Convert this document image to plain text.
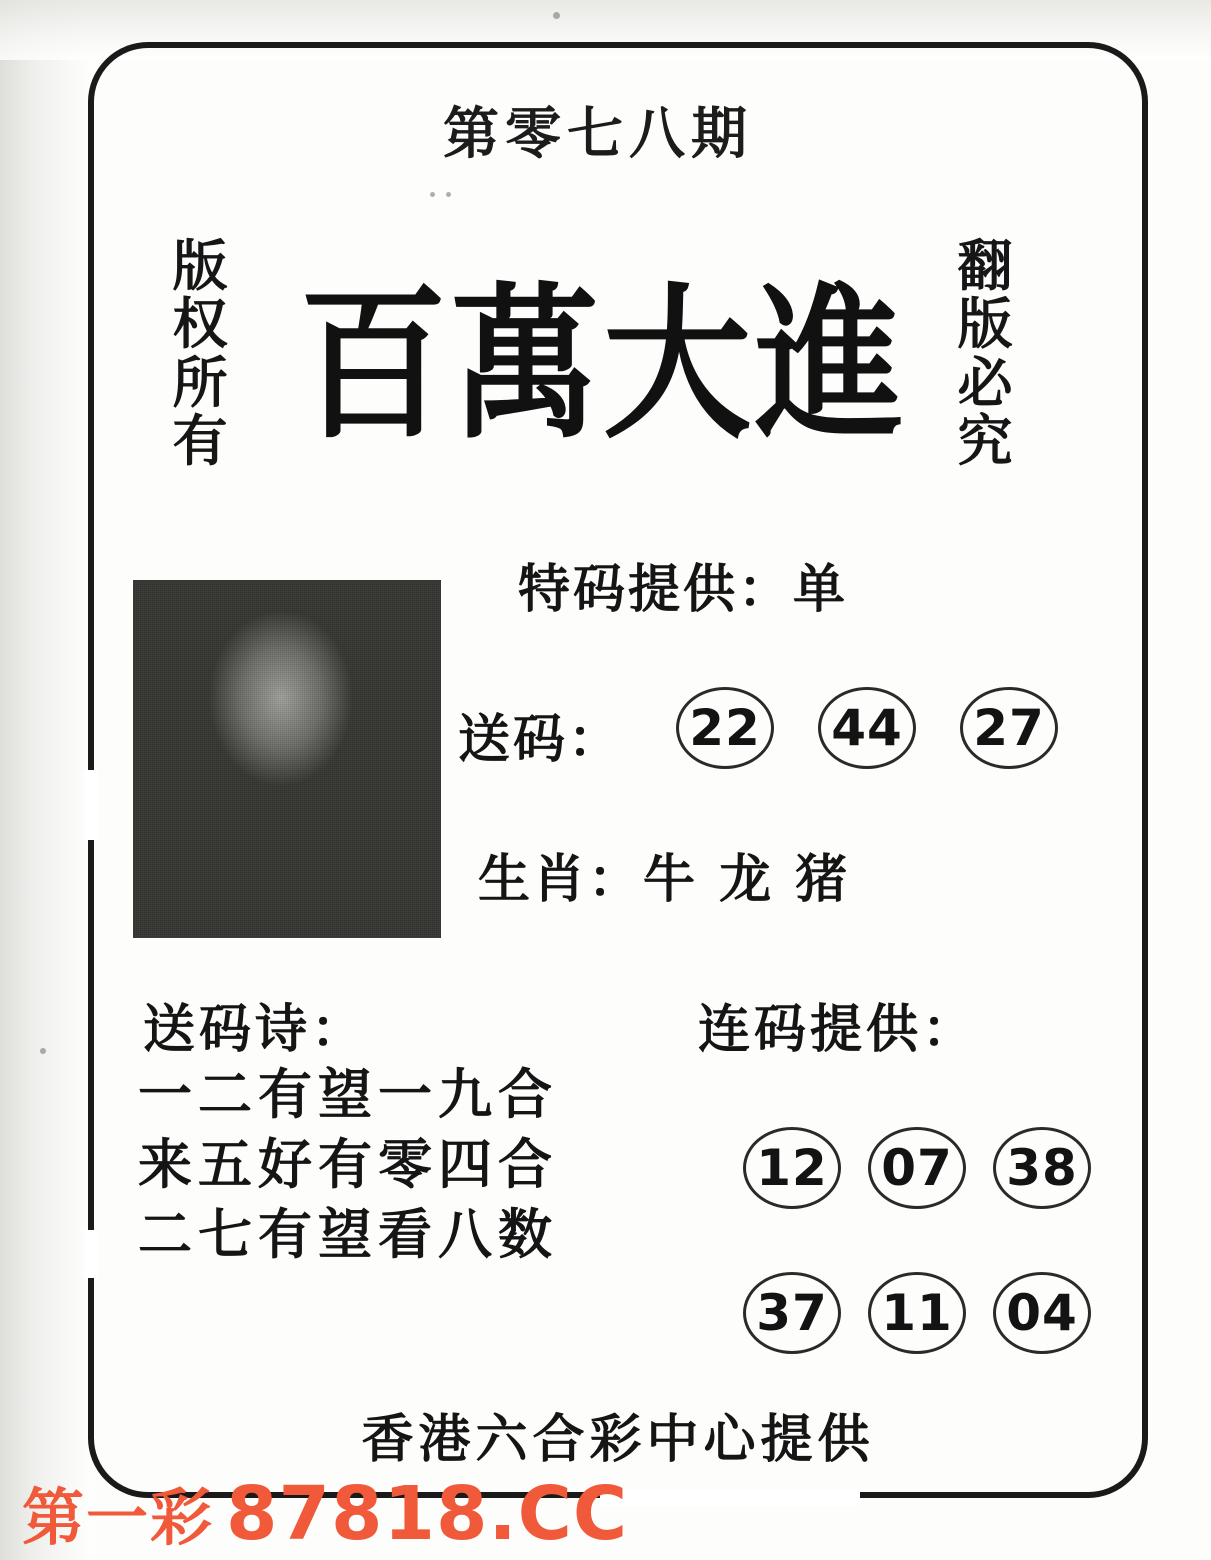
第零七八期
版权所有
翻版必究
百萬大進
特码提供：单
送码： 22 44 27
生肖：牛 龙 猪
送码诗：
一二有望一九合
来五好有零四合
二七有望看八数
连码提供：
12 07 38
37 11 04
香港六合彩中心提供
第一彩 87818.CC
